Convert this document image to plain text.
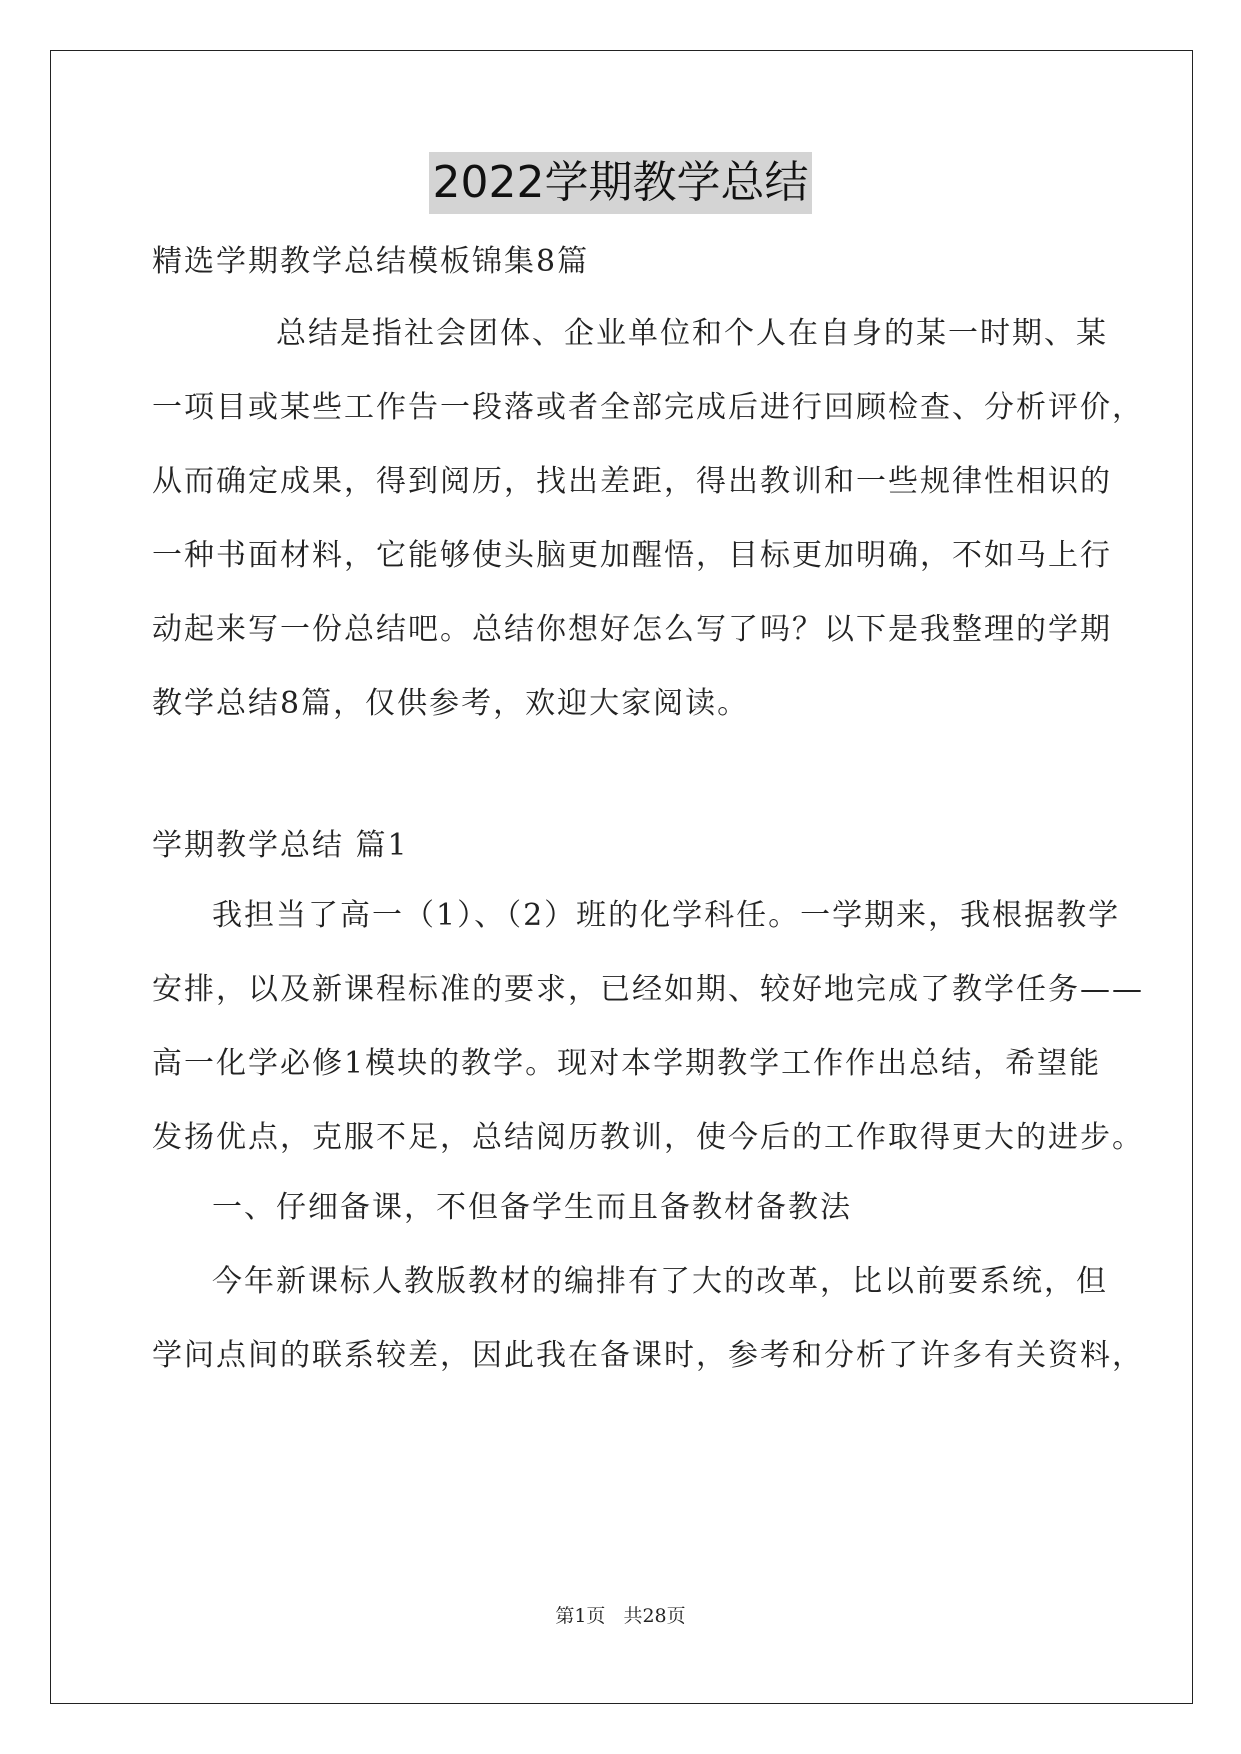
2022学期教学总结
精选学期教学总结模板锦集8篇
总结是指社会团体、企业单位和个人在自身的某一时期、某
一项目或某些工作告一段落或者全部完成后进行回顾检查、分析评价，
从而确定成果，得到阅历，找出差距，得出教训和一些规律性相识的
一种书面材料，它能够使头脑更加醒悟，目标更加明确，不如马上行
动起来写一份总结吧。总结你想好怎么写了吗？以下是我整理的学期
教学总结8篇，仅供参考，欢迎大家阅读。
学期教学总结 篇1
我担当了高一（1）、（2）班的化学科任。一学期来，我根据教学
安排，以及新课程标准的要求，已经如期、较好地完成了教学任务——
高一化学必修1模块的教学。现对本学期教学工作作出总结，希望能
发扬优点，克服不足，总结阅历教训，使今后的工作取得更大的进步。
一、仔细备课，不但备学生而且备教材备教法
今年新课标人教版教材的编排有了大的改革，比以前要系统，但
学问点间的联系较差，因此我在备课时，参考和分析了许多有关资料，
第1页 共28页
